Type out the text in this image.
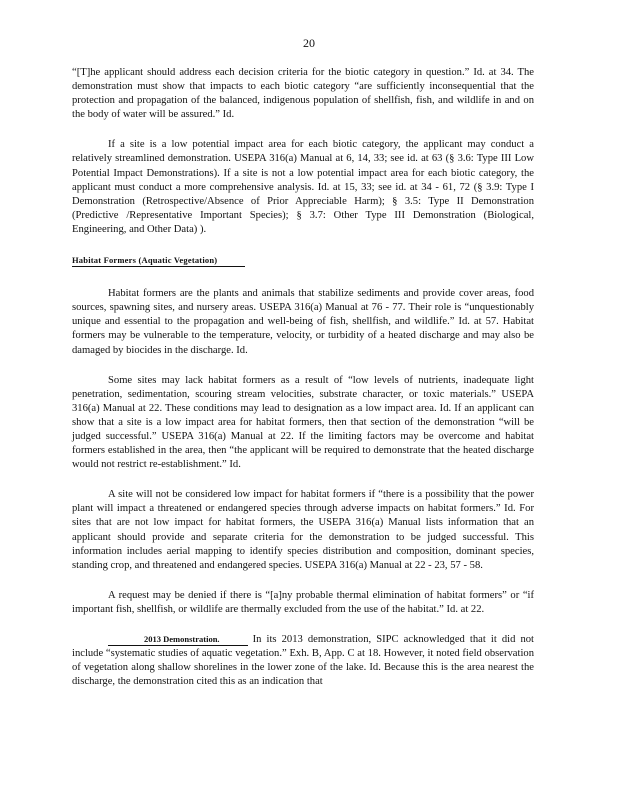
20

“[T]he applicant should address each decision criteria for the biotic category in question.” Id. at 34. The demonstration must show that impacts to each biotic category “are sufficiently inconsequential that the protection and propagation of the balanced, indigenous population of shellfish, fish, and wildlife in and on the body of water will be assured.” Id.

If a site is a low potential impact area for each biotic category, the applicant may conduct a relatively streamlined demonstration. USEPA 316(a) Manual at 6, 14, 33; see id. at 63 (§ 3.6: Type III Low Potential Impact Demonstrations). If a site is not a low potential impact area for each biotic category, the applicant must conduct a more comprehensive analysis. Id. at 15, 33; see id. at 34 - 61, 72 (§ 3.9: Type I Demonstration (Retrospective/Absence of Prior Appreciable Harm); § 3.5: Type II Demonstration (Predictive /Representative Important Species); § 3.7: Other Type III Demonstration (Biological, Engineering, and Other Data) ).

Habitat Formers (Aquatic Vegetation)

Habitat formers are the plants and animals that stabilize sediments and provide cover areas, food sources, spawning sites, and nursery areas. USEPA 316(a) Manual at 76 - 77. Their role is “unquestionably unique and essential to the propagation and well-being of fish, shellfish, and wildlife.” Id. at 57. Habitat formers may be vulnerable to the temperature, velocity, or turbidity of a heated discharge and may also be damaged by biocides in the discharge. Id.

Some sites may lack habitat formers as a result of “low levels of nutrients, inadequate light penetration, sedimentation, scouring stream velocities, substrate character, or toxic materials.” USEPA 316(a) Manual at 22. These conditions may lead to designation as a low impact area. Id. If an applicant can show that a site is a low impact area for habitat formers, then that section of the demonstration “will be judged successful.” USEPA 316(a) Manual at 22. If the limiting factors may be overcome and habitat formers established in the area, then “the applicant will be required to demonstrate that the heated discharge would not restrict re-establishment.” Id.

A site will not be considered low impact for habitat formers if “there is a possibility that the power plant will impact a threatened or endangered species through adverse impacts on habitat formers.” Id. For sites that are not low impact for habitat formers, the USEPA 316(a) Manual lists information that an applicant should provide and separate criteria for the demonstration to be judged successful. This information includes aerial mapping to identify species distribution and composition, dominant species, standing crop, and threatened and endangered species. USEPA 316(a) Manual at 22 - 23, 57 - 58.

A request may be denied if there is “[a]ny probable thermal elimination of habitat formers” or “if important fish, shellfish, or wildlife are thermally excluded from the use of the habitat.” Id. at 22.

2013 Demonstration.	In its 2013 demonstration, SIPC acknowledged that it did not include “systematic studies of aquatic vegetation.” Exh. B, App. C at 18. However, it noted field observation of vegetation along shallow shorelines in the lower zone of the lake. Id. Because this is the area nearest the discharge, the demonstration cited this as an indication that
